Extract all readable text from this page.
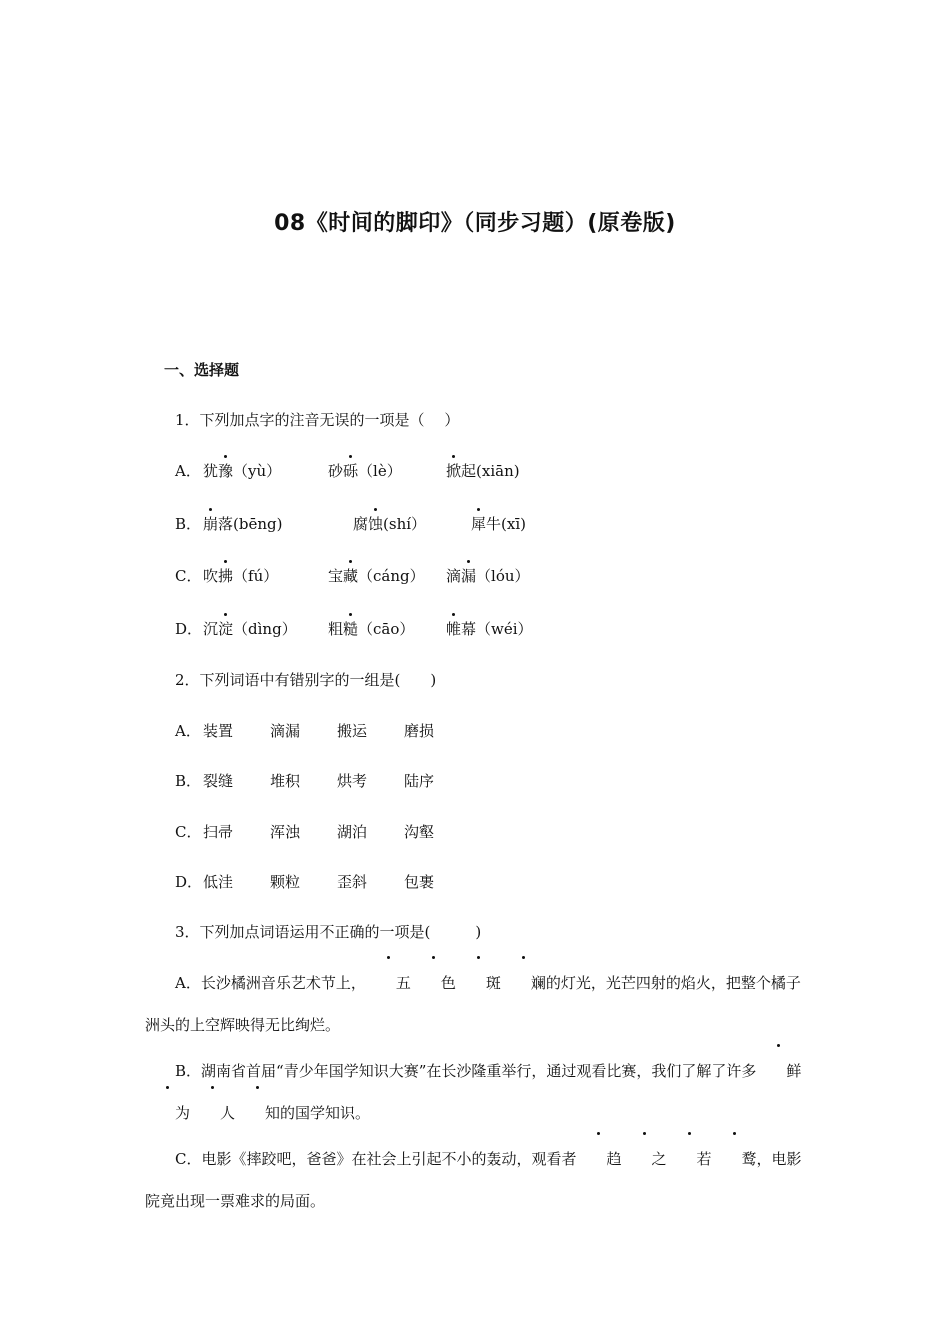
08《时间的脚印》（同步习题）(原卷版)
一、选择题
1．下列加点字的注音无误的一项是（　 ）
A． 犹豫（yù）	砂砾（lè）	掀起(xiān)
B． 崩落(bēng)	腐蚀(shí）	犀牛(xī)
C． 吹拂（fú）	宝藏（cáng） 滴漏（lóu）
D． 沉淀（dìng） 粗糙（cāo） 帷幕（wéi）
2．下列词语中有错别字的一组是(　　)
A． 装置 滴漏 搬运 磨损
B． 裂缝 堆积 烘考 陆序
C． 扫帚 浑浊 湖泊 沟壑
D． 低洼 颗粒 歪斜 包裹
3．下列加点词语运用不正确的一项是(　　　)
A．长沙橘洲音乐艺术节上， 五 色 斑 斓的灯光，光芒四射的焰火，把整个橘子洲头的上空辉映得无比绚烂。
B．湖南省首届“青少年国学知识大赛”在长沙隆重举行，通过观看比赛，我们了解了许多 鲜为 人 知的国学知识。
C．电影《摔跤吧，爸爸》在社会上引起不小的轰动，观看者 趋 之 若 鹜，电影院竟出现一票难求的局面。
